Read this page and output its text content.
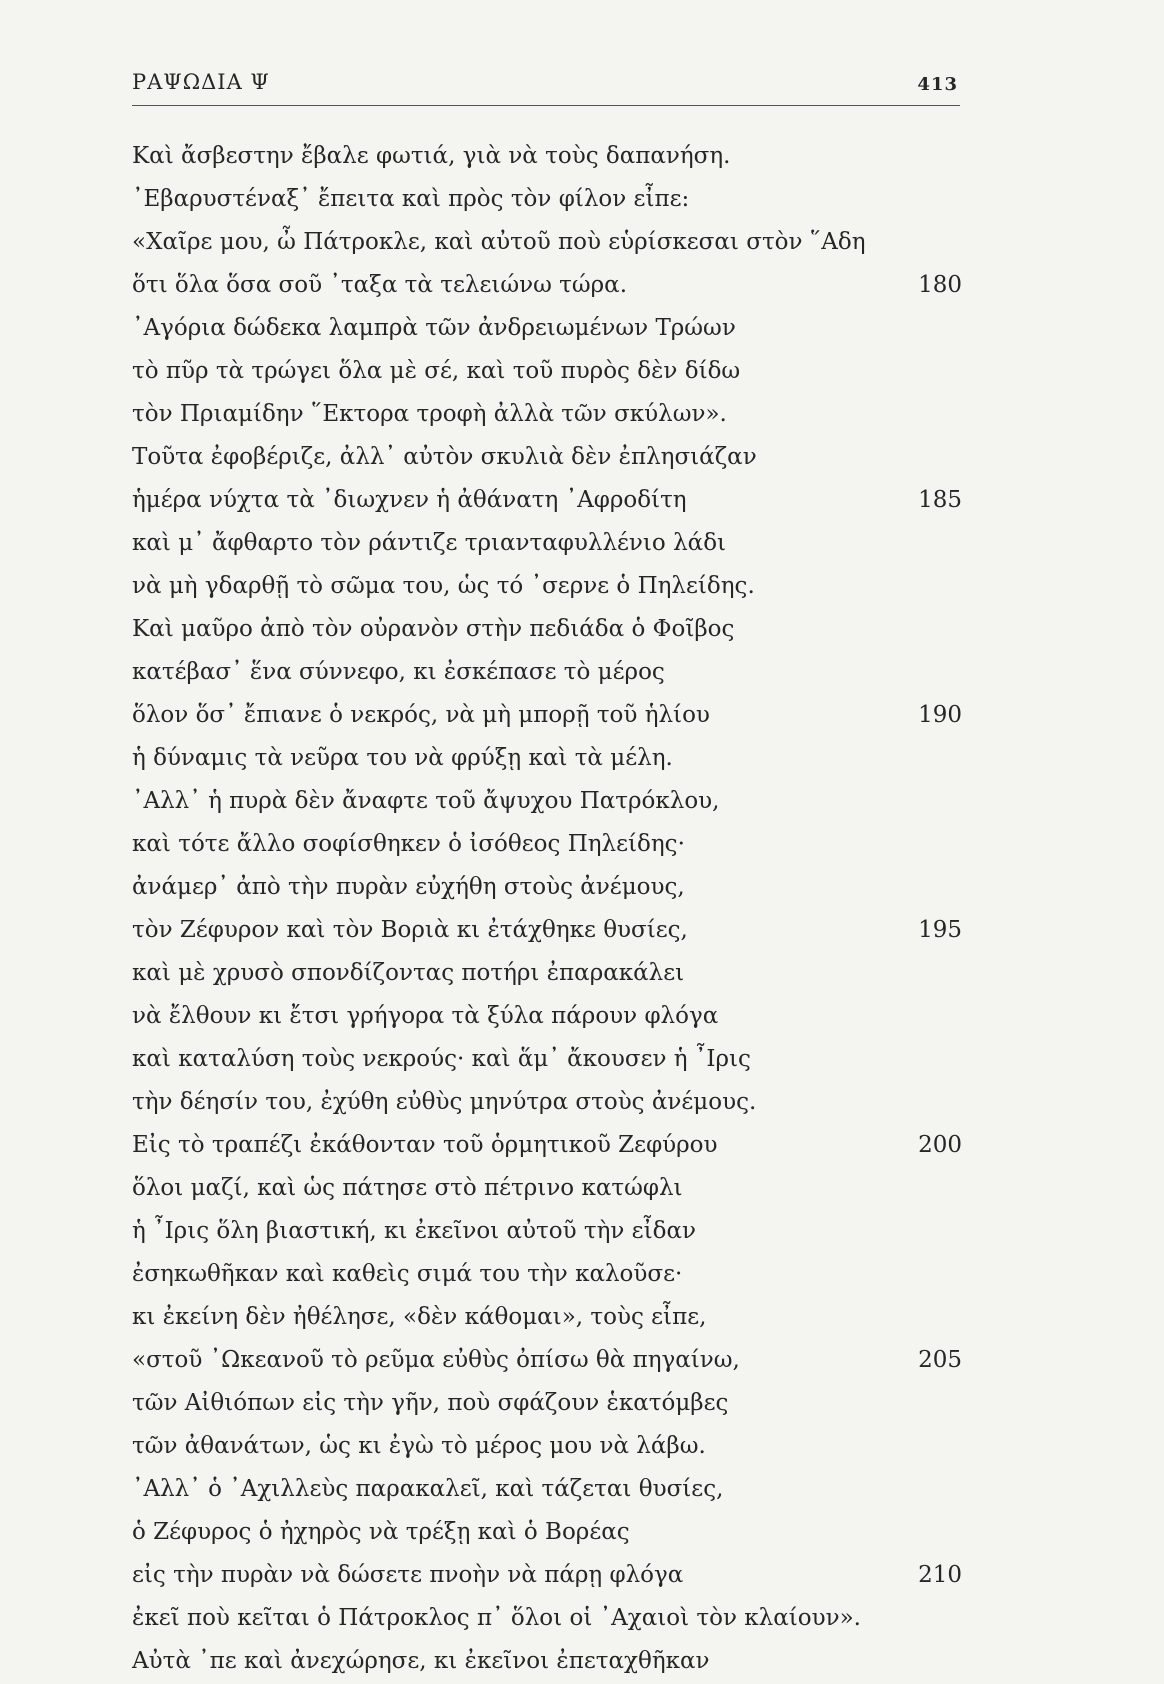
ΡΑΨΩΔΙΑ Ψ	413
Καὶ ἄσβεστην ἔβαλε φωτιά, γιὰ νὰ τοὺς δαπανήση.
᾿Εβαρυστέναξ᾿ ἔπειτα καὶ πρὸς τὸν φίλον εἶπε:
«Χαῖρε μου, ὦ Πάτροκλε, καὶ αὐτοῦ ποὺ εὑρίσκεσαι στὸν ῞Αδη
ὅτι ὅλα ὅσα σοῦ ᾿ταξα τὰ τελειώνω τώρα.	180
᾿Αγόρια δώδεκα λαμπρὰ τῶν ἀνδρειωμένων Τρώων
τὸ πῦρ τὰ τρώγει ὅλα μὲ σέ, καὶ τοῦ πυρὸς δὲν δίδω
τὸν Πριαμίδην ῞Εκτορα τροφὴ ἀλλὰ τῶν σκύλων».
Τοῦτα ἐφοβέριζε, ἀλλ᾿ αὐτὸν σκυλιὰ δὲν ἐπλησιάζαν
ἡμέρα νύχτα τὰ ᾿διωχνεν ἡ ἀθάνατη ᾿Αφροδίτη	185
καὶ μ᾿ ἄφθαρτο τὸν ράντιζε τριανταφυλλένιο λάδι
νὰ μὴ γδαρθῇ τὸ σῶμα του, ὡς τό ᾿σερνε ὁ Πηλείδης.
Καὶ μαῦρο ἀπὸ τὸν οὐρανὸν στὴν πεδιάδα ὁ Φοῖβος
κατέβασ᾿ ἕνα σύννεφο, κι ἐσκέπασε τὸ μέρος
ὅλον ὅσ᾿ ἔπιανε ὁ νεκρός, νὰ μὴ μπορῇ τοῦ ἡλίου	190
ἡ δύναμις τὰ νεῦρα του νὰ φρύξῃ καὶ τὰ μέλη.
᾿Αλλ᾿ ἡ πυρὰ δὲν ἄναφτε τοῦ ἄψυχου Πατρόκλου,
καὶ τότε ἄλλο σοφίσθηκεν ὁ ἰσόθεος Πηλείδης·
ἀνάμερ᾿ ἀπὸ τὴν πυρὰν εὐχήθη στοὺς ἀνέμους,
τὸν Ζέφυρον καὶ τὸν Βοριὰ κι ἐτάχθηκε θυσίες,	195
καὶ μὲ χρυσὸ σπονδίζοντας ποτήρι ἐπαρακάλει
νὰ ἔλθουν κι ἔτσι γρήγορα τὰ ξύλα πάρουν φλόγα
καὶ καταλύση τοὺς νεκρούς· καὶ ἅμ᾿ ἄκουσεν ἡ ῏Ιρις
τὴν δέησίν του, ἐχύθη εὐθὺς μηνύτρα στοὺς ἀνέμους.
Εἰς τὸ τραπέζι ἐκάθονταν τοῦ ὁρμητικοῦ Ζεφύρου	200
ὅλοι μαζί, καὶ ὡς πάτησε στὸ πέτρινο κατώφλι
ἡ ῏Ιρις ὅλη βιαστική, κι ἐκεῖνοι αὐτοῦ τὴν εἶδαν
ἐσηκωθῆκαν καὶ καθεὶς σιμά του τὴν καλοῦσε·
κι ἐκείνη δὲν ἠθέλησε, «δὲν κάθομαι», τοὺς εἶπε,
«στοῦ ᾿Ωκεανοῦ τὸ ρεῦμα εὐθὺς ὀπίσω θὰ πηγαίνω,	205
τῶν Αἰθιόπων εἰς τὴν γῆν, ποὺ σφάζουν ἑκατόμβες
τῶν ἀθανάτων, ὡς κι ἐγὼ τὸ μέρος μου νὰ λάβω.
᾿Αλλ᾿ ὁ ᾿Αχιλλεὺς παρακαλεῖ, καὶ τάζεται θυσίες,
ὁ Ζέφυρος ὁ ἠχηρὸς νὰ τρέξῃ καὶ ὁ Βορέας
εἰς τὴν πυρὰν νὰ δώσετε πνοὴν νὰ πάρῃ φλόγα	210
ἐκεῖ ποὺ κεῖται ὁ Πάτροκλος π᾿ ὅλοι οἱ ᾿Αχαιοὶ τὸν κλαίουν».
Αὐτὰ ᾿πε καὶ ἀνεχώρησε, κι ἐκεῖνοι ἐπεταχθῆκαν
